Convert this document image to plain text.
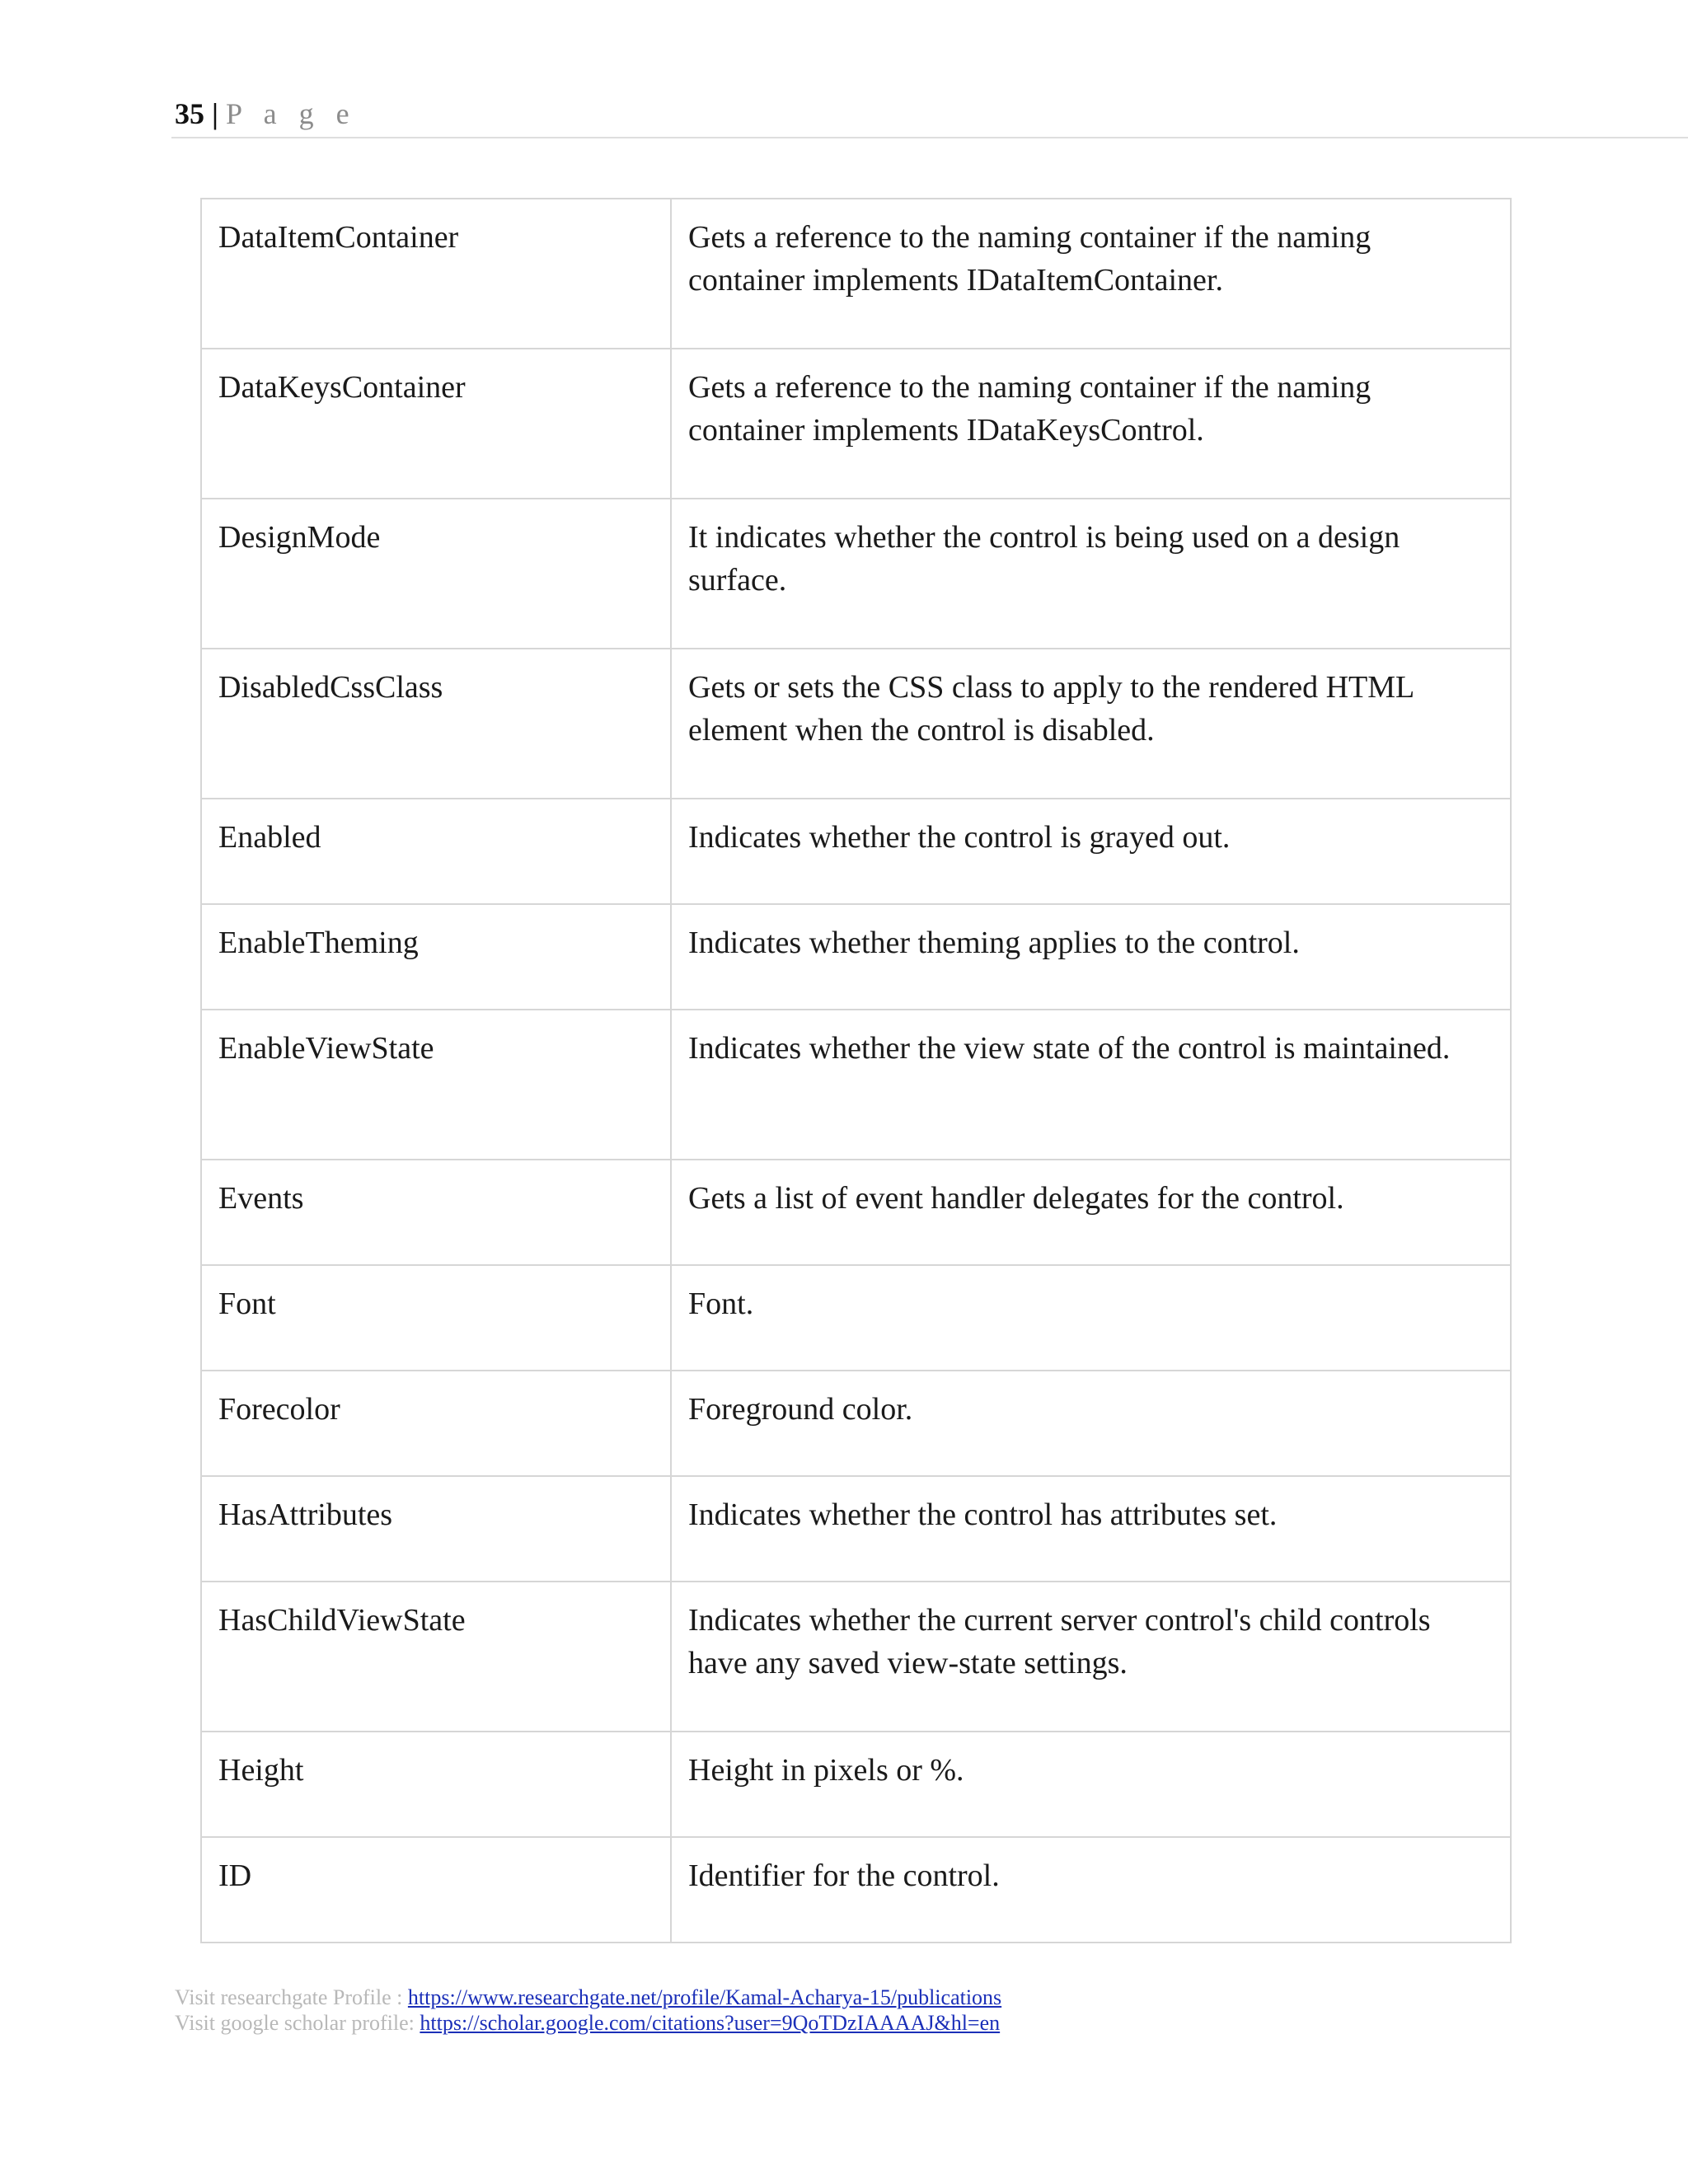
35 | P a g e
DataItemContainer	Gets a reference to the naming container if the naming container implements IDataItemContainer.
DataKeysContainer	Gets a reference to the naming container if the naming container implements IDataKeysControl.
DesignMode	It indicates whether the control is being used on a design surface.
DisabledCssClass	Gets or sets the CSS class to apply to the rendered HTML element when the control is disabled.
Enabled	Indicates whether the control is grayed out.
EnableTheming	Indicates whether theming applies to the control.
EnableViewState	Indicates whether the view state of the control is maintained.
Events	Gets a list of event handler delegates for the control.
Font	Font.
Forecolor	Foreground color.
HasAttributes	Indicates whether the control has attributes set.
HasChildViewState	Indicates whether the current server control's child controls have any saved view-state settings.
Height	Height in pixels or %.
ID	Identifier for the control.
Visit researchgate Profile : https://www.researchgate.net/profile/Kamal-Acharya-15/publications
Visit google scholar profile: https://scholar.google.com/citations?user=9QoTDzIAAAAJ&hl=en
